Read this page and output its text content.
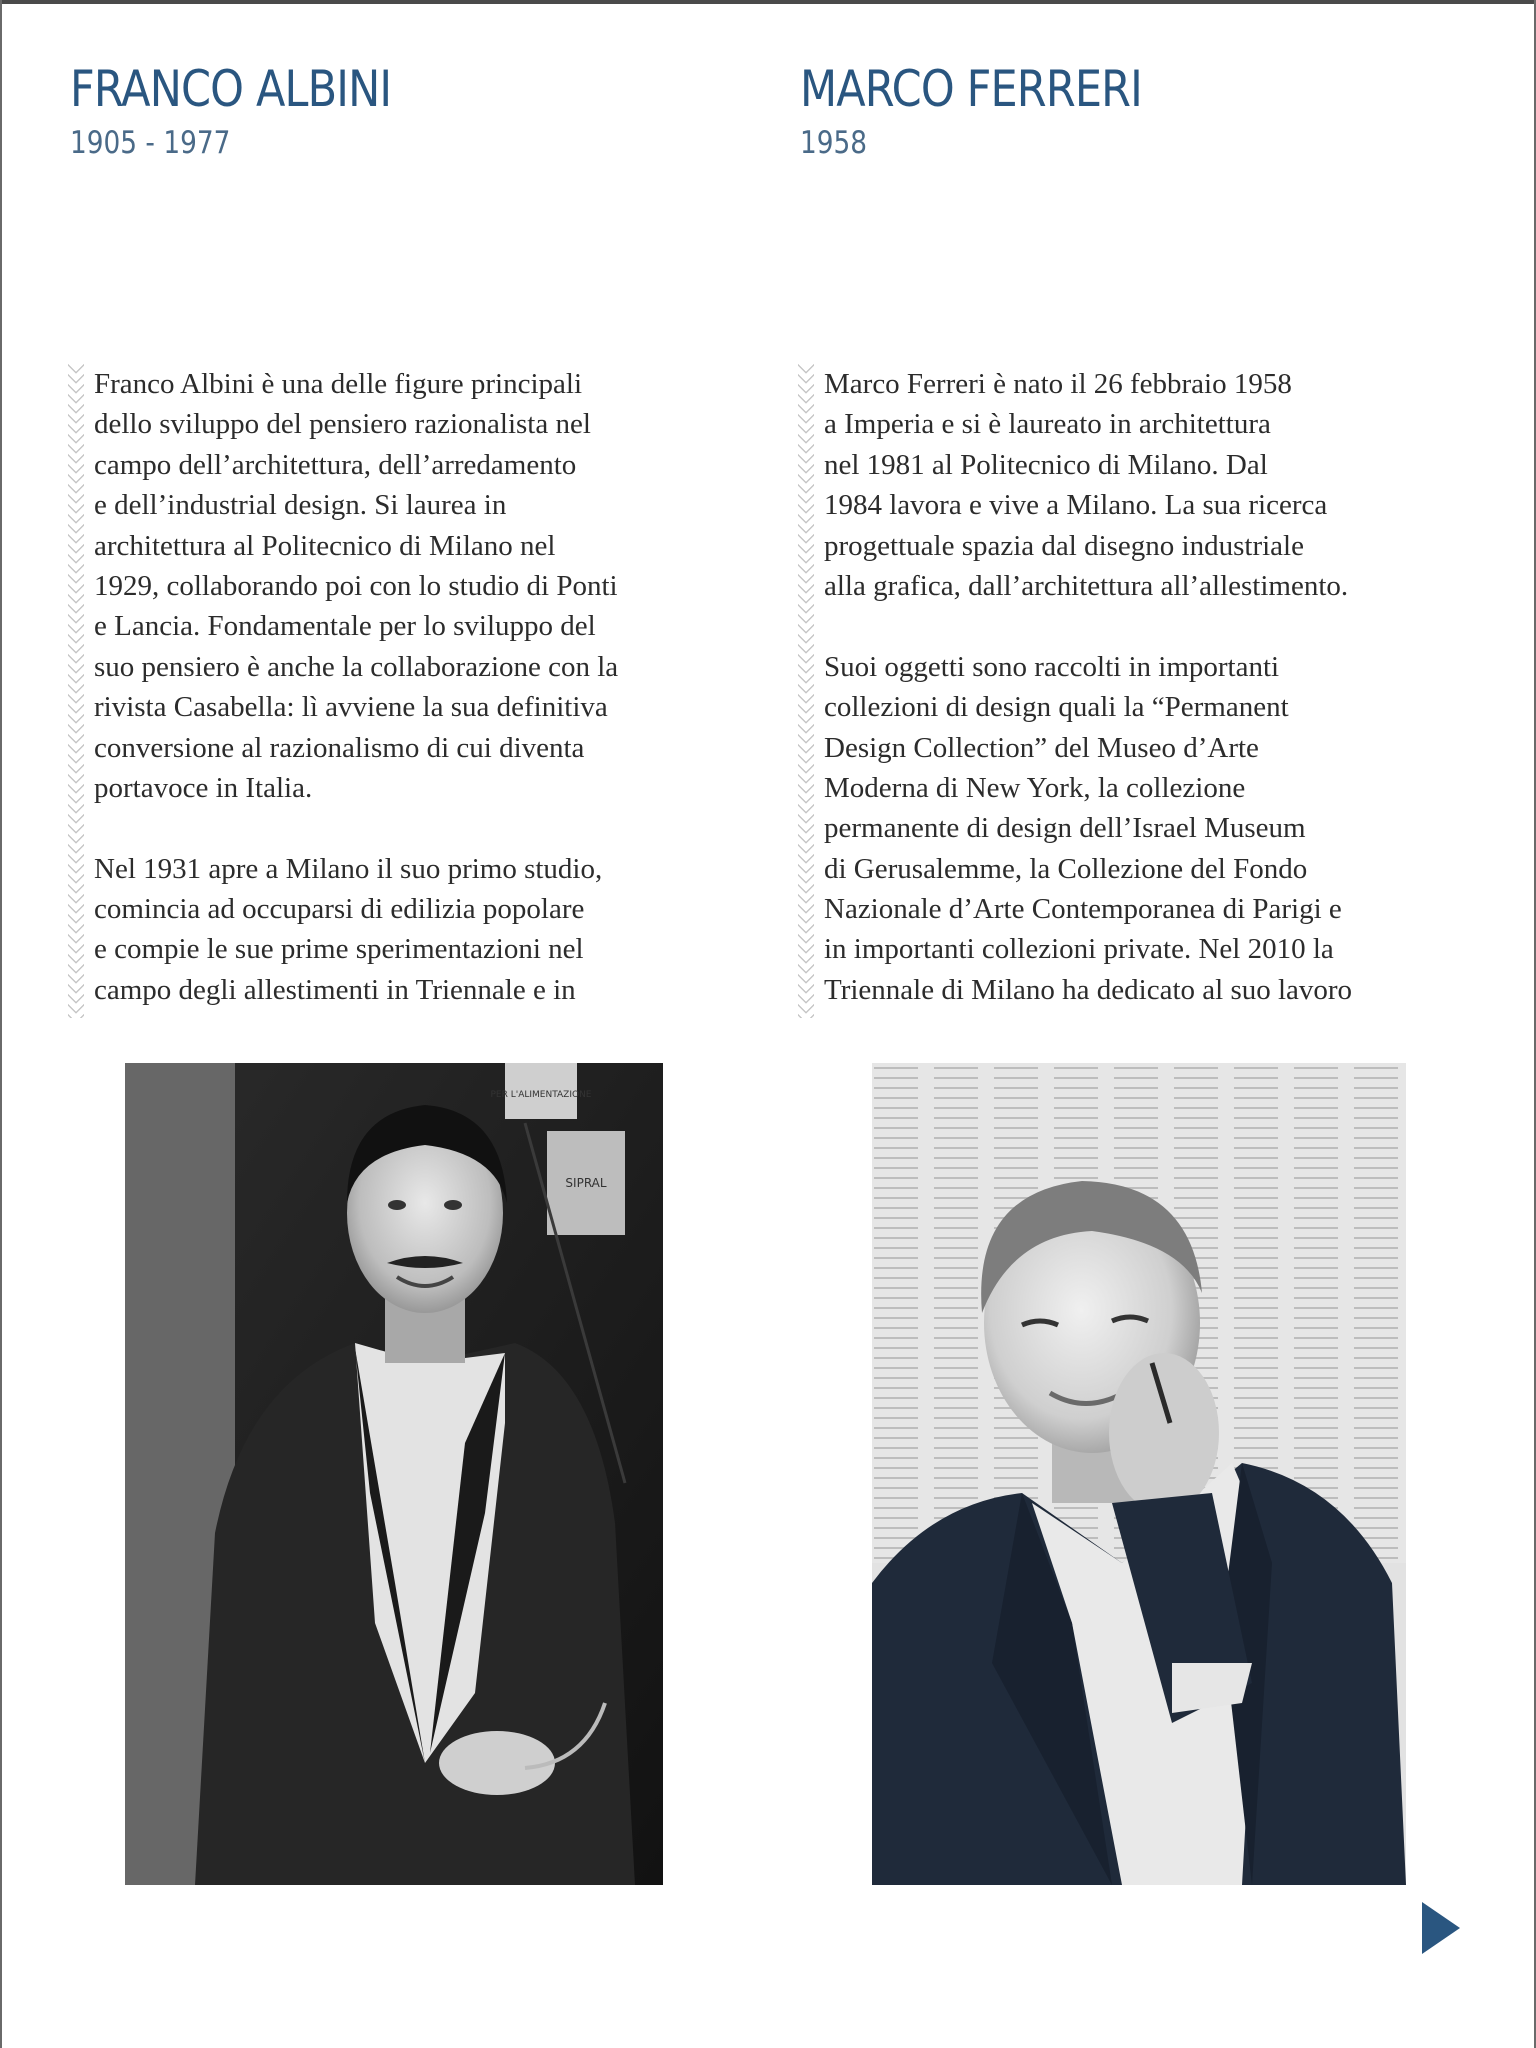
FRANCO ALBINI
1905 - 1977
Franco Albini è una delle figure principali
dello sviluppo del pensiero razionalista nel
campo dell’architettura, dell’arredamento
e dell’industrial design. Si laurea in
architettura al Politecnico di Milano nel
1929, collaborando poi con lo studio di Ponti
e Lancia. Fondamentale per lo sviluppo del
suo pensiero è anche la collaborazione con la
rivista Casabella: lì avviene la sua definitiva
conversione al razionalismo di cui diventa
portavoce in Italia.
Nel 1931 apre a Milano il suo primo studio,
comincia ad occuparsi di edilizia popolare
e compie le sue prime sperimentazioni nel
campo degli allestimenti in Triennale e in
PER L'ALIMENTAZIONE
SIPRAL
MARCO FERRERI
1958
Marco Ferreri è nato il 26 febbraio 1958
a Imperia e si è laureato in architettura
nel 1981 al Politecnico di Milano. Dal
1984 lavora e vive a Milano. La sua ricerca
progettuale spazia dal disegno industriale
alla grafica, dall’architettura all’allestimento.
Suoi oggetti sono raccolti in importanti
collezioni di design quali la “Permanent
Design Collection” del Museo d’Arte
Moderna di New York, la collezione
permanente di design dell’Israel Museum
di Gerusalemme, la Collezione del Fondo
Nazionale d’Arte Contemporanea di Parigi e
in importanti collezioni private. Nel 2010 la
Triennale di Milano ha dedicato al suo lavoro
